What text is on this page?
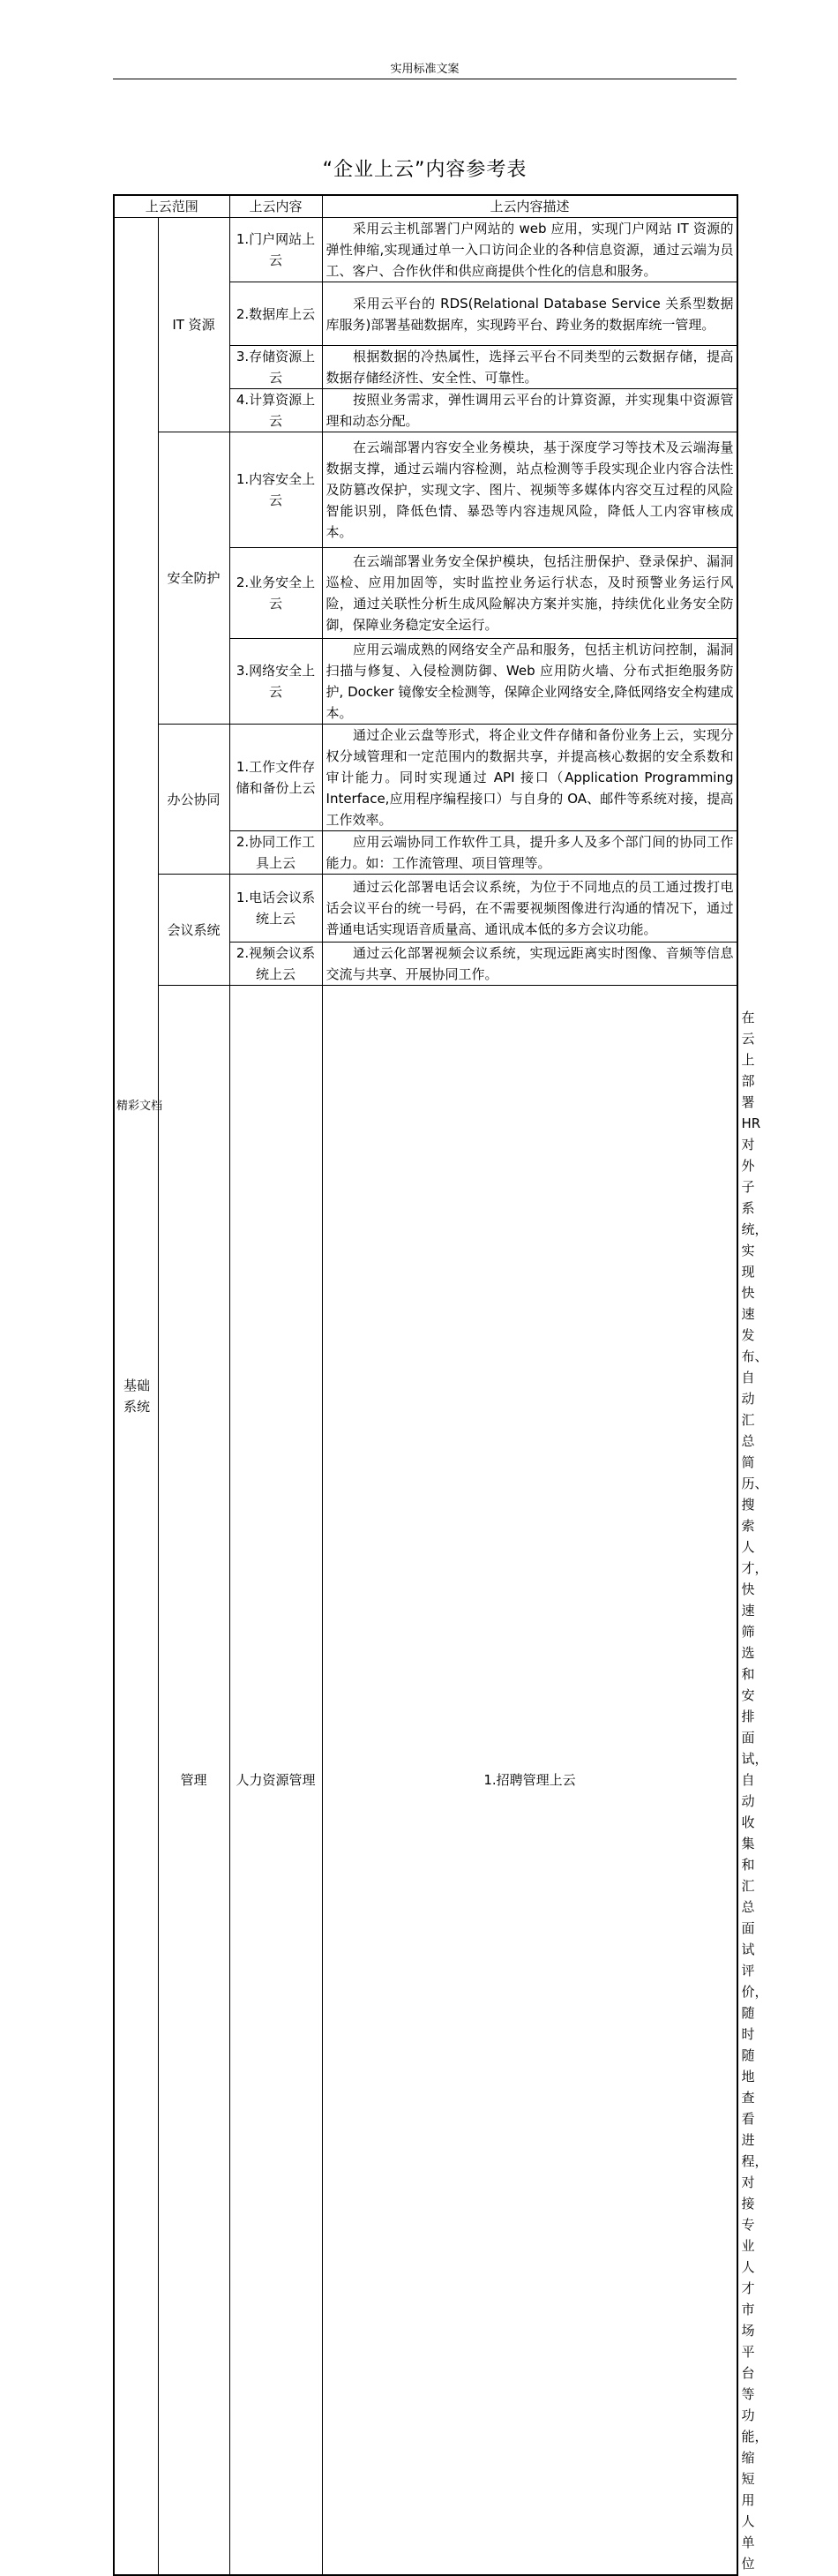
实用标准文案
“企业上云”内容参考表
上云范围		上云内容	上云内容描述	

基础系统	IT 资源	1.门户网站上云	采用云主机部署门户网站的 web 应用，实现门户网站 IT 资源的弹性伸缩,实现通过单一入口访问企业的各种信息资源，通过云端为员工、客户、合作伙伴和供应商提供个性化的信息和服务。	
		2.数据库上云	采用云平台的 RDS(Relational Database Service 关系型数据库服务)部署基础数据库，实现跨平台、跨业务的数据库统一管理。	
		3.存储资源上云	根据数据的冷热属性，选择云平台不同类型的云数据存储，提高数据存储经济性、安全性、可靠性。	
		4.计算资源上云	按照业务需求，弹性调用云平台的计算资源，并实现集中资源管理和动态分配。	
	安全防护	1.内容安全上云	在云端部署内容安全业务模块，基于深度学习等技术及云端海量数据支撑，通过云端内容检测，站点检测等手段实现企业内容合法性及防篡改保护，实现文字、图片、视频等多媒体内容交互过程的风险智能识别，降低色情、暴恐等内容违规风险，降低人工内容审核成本。	
		2.业务安全上云	在云端部署业务安全保护模块，包括注册保护、登录保护、漏洞巡检、应用加固等，实时监控业务运行状态，及时预警业务运行风险，通过关联性分析生成风险解决方案并实施，持续优化业务安全防御，保障业务稳定安全运行。	
		3.网络安全上云	应用云端成熟的网络安全产品和服务，包括主机访问控制，漏洞扫描与修复、入侵检测防御、Web 应用防火墙、分布式拒绝服务防护, Docker 镜像安全检测等，保障企业网络安全,降低网络安全构建成本。	
	办公协同	1.工作文件存储和备份上云	通过企业云盘等形式，将企业文件存储和备份业务上云，实现分权分域管理和一定范围内的数据共享，并提高核心数据的安全系数和审计能力。同时实现通过 API 接口（Application Programming Interface,应用程序编程接口）与自身的 OA、邮件等系统对接，提高工作效率。	
		2.协同工作工具上云	应用云端协同工作软件工具，提升多人及多个部门间的协同工作能力。如：工作流管理、项目管理等。	
	会议系统	1.电话会议系统上云	通过云化部署电话会议系统，为位于不同地点的员工通过拨打电话会议平台的统一号码，在不需要视频图像进行沟通的情况下，通过普通电话实现语音质量高、通讯成本低的多方会议功能。	
		2.视频会议系统上云	通过云化部署视频会议系统，实现远距离实时图像、音频等信息交流与共享、开展协同工作。	
	管理	人力资源管理	1.招聘管理上云	在云上部署 HR 对外子系统，实现快速发布、自动汇总简历、搜索人才，快速筛选和安排面试，自动收集和汇总面试评价，随时随地查看进程，对接专业人才市场平台等功能，缩短用人单位
精彩文档
